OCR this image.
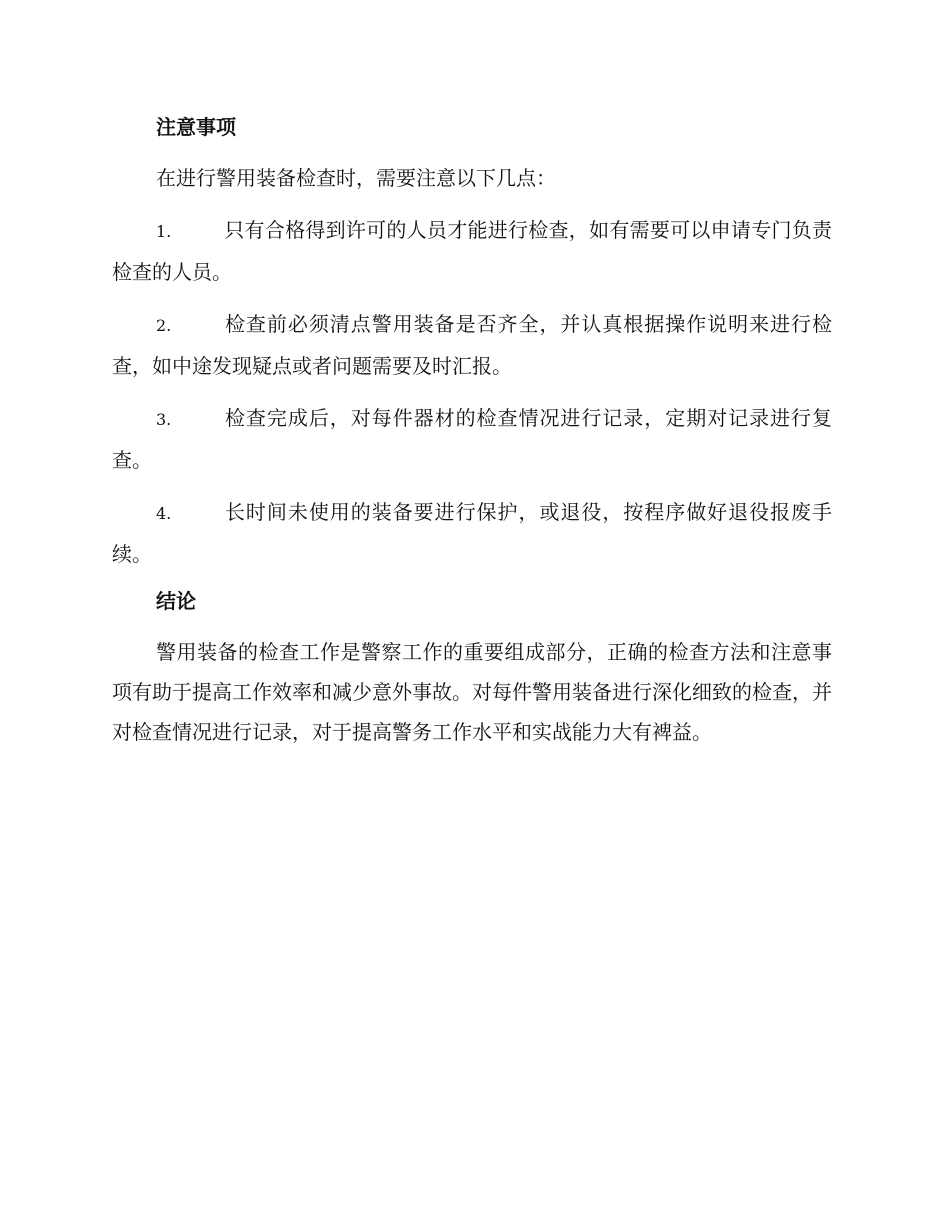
注意事项

在进行警用装备检查时，需要注意以下几点：

1.	只有合格得到许可的人员才能进行检查，如有需要可以申请专门负责检查的人员。
2.	检查前必须清点警用装备是否齐全，并认真根据操作说明来进行检查，如中途发现疑点或者问题需要及时汇报。
3.	检查完成后，对每件器材的检查情况进行记录，定期对记录进行复查。
4.	长时间未使用的装备要进行保护，或退役，按程序做好退役报废手续。
结论

警用装备的检查工作是警察工作的重要组成部分，正确的检查方法和注意事项有助于提高工作效率和减少意外事故。对每件警用装备进行深化细致的检查，并对检查情况进行记录，对于提高警务工作水平和实战能力大有裨益。
